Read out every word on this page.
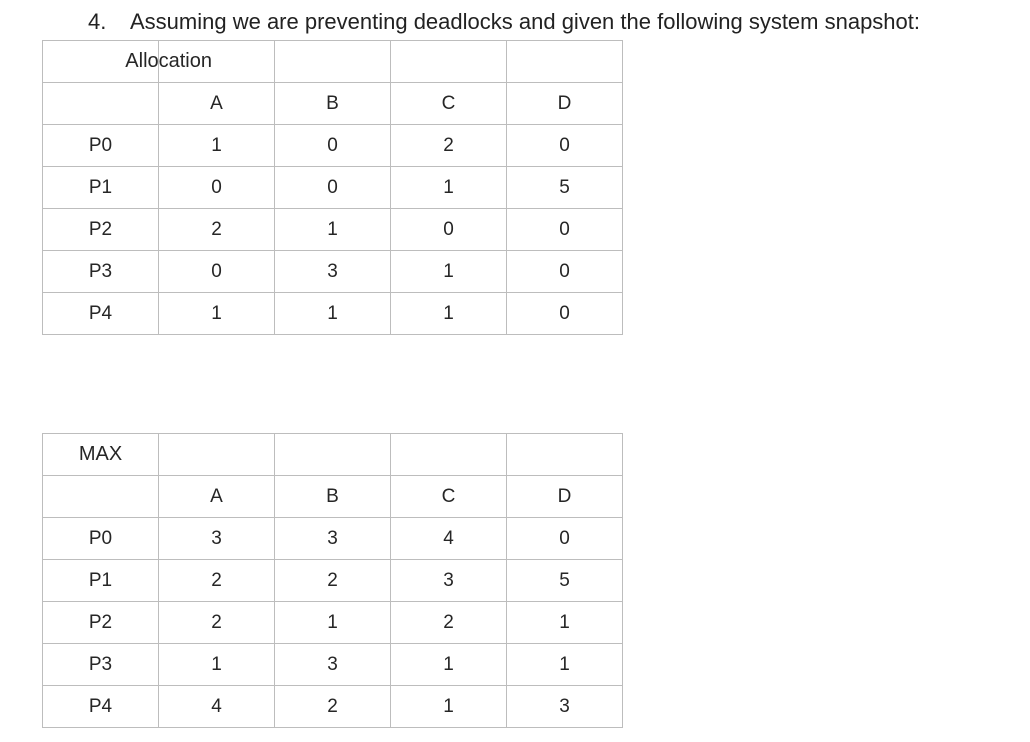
4. Assuming we are preventing deadlocks and given the following system snapshot:
Allocation				
	A	B	C	D
P0	1	0	2	0
P1	0	0	1	5
P2	2	1	0	0
P3	0	3	1	0
P4	1	1	1	0
MAX				
	A	B	C	D
P0	3	3	4	0
P1	2	2	3	5
P2	2	1	2	1
P3	1	3	1	1
P4	4	2	1	3
